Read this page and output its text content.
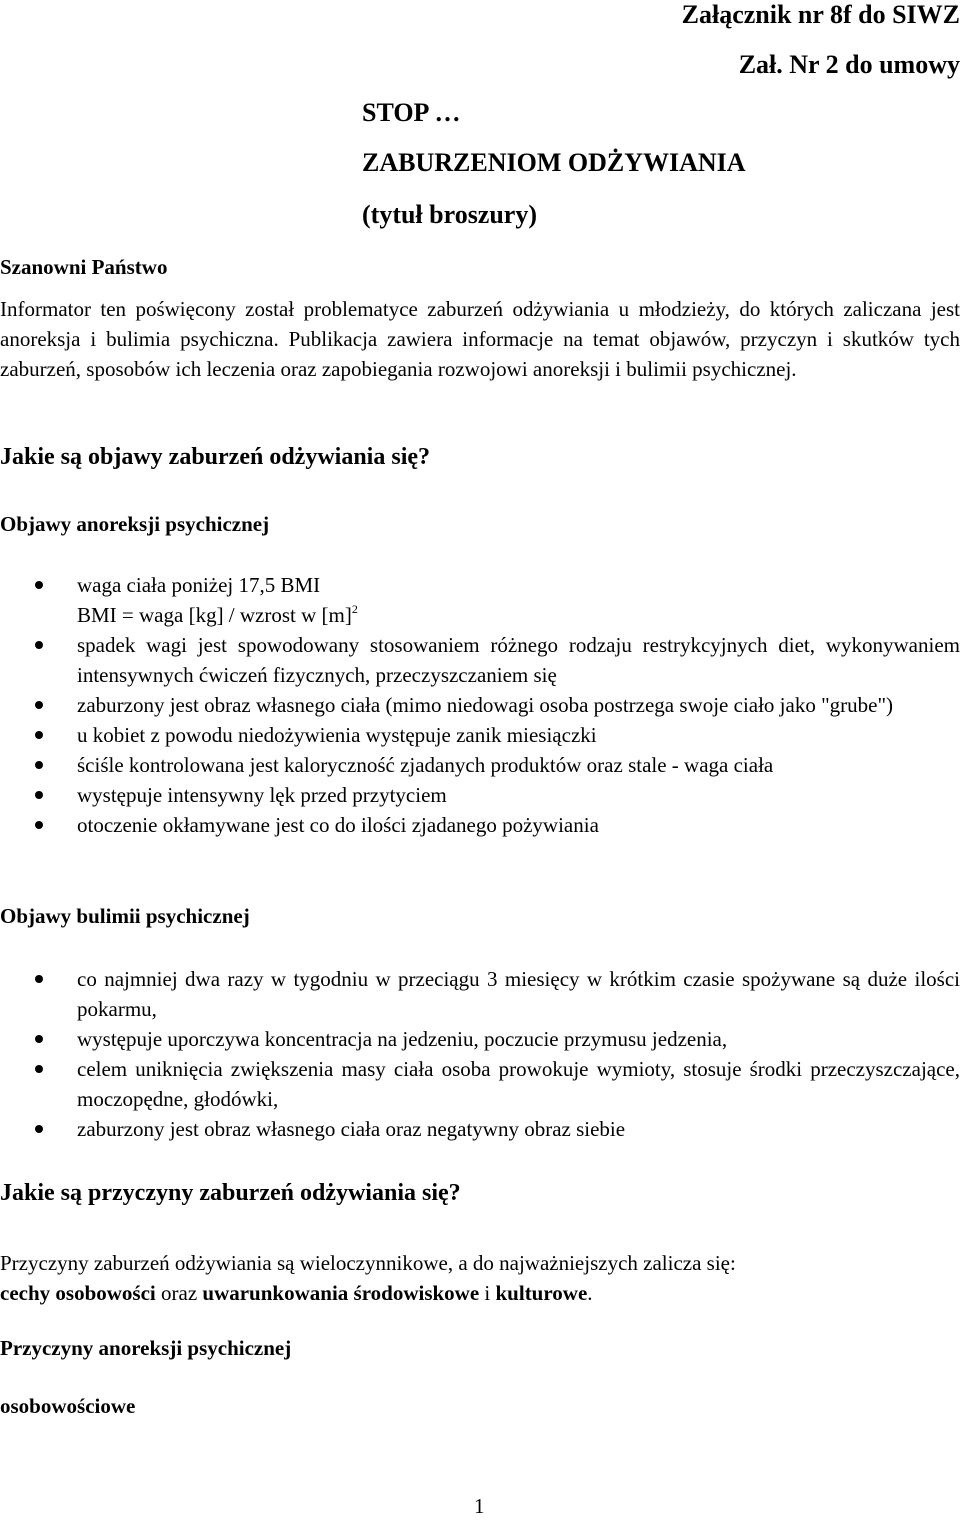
Załącznik nr 8f do SIWZ
Zał. Nr 2 do umowy
STOP …
ZABURZENIOM ODŻYWIANIA
(tytuł broszury)
Szanowni Państwo
Informator ten poświęcony został problematyce zaburzeń odżywiania u młodzieży, do których zaliczana jest anoreksja i bulimia psychiczna. Publikacja zawiera informacje na temat objawów, przyczyn i skutków tych zaburzeń, sposobów ich leczenia oraz zapobiegania rozwojowi anoreksji i bulimii psychicznej.
Jakie są objawy zaburzeń odżywiania się?
Objawy anoreksji psychicznej
waga ciała poniżej 17,5 BMI
BMI = waga [kg] / wzrost w $[m]^2$
spadek wagi jest spowodowany stosowaniem różnego rodzaju restrykcyjnych diet, wykonywaniem intensywnych ćwiczeń fizycznych, przeczyszczaniem się
zaburzony jest obraz własnego ciała (mimo niedowagi osoba postrzega swoje ciało jako "grube")
u kobiet z powodu niedożywienia występuje zanik miesiączki
ściśle kontrolowana jest kaloryczność zjadanych produktów oraz stale - waga ciała
występuje intensywny lęk przed przytyciem
otoczenie okłamywane jest co do ilości zjadanego pożywiania
Objawy bulimii psychicznej
co najmniej dwa razy w tygodniu w przeciągu 3 miesięcy w krótkim czasie spożywane są duże ilości pokarmu,
występuje uporczywa koncentracja na jedzeniu, poczucie przymusu jedzenia,
celem uniknięcia zwiększenia masy ciała osoba prowokuje wymioty, stosuje środki przeczyszczające, moczopędne, głodówki,
zaburzony jest obraz własnego ciała oraz negatywny obraz siebie
Jakie są przyczyny zaburzeń odżywiania się?
Przyczyny zaburzeń odżywiania są wieloczynnikowe, a do najważniejszych zalicza się:
cechy osobowości oraz uwarunkowania środowiskowe i kulturowe.
Przyczyny anoreksji psychicznej
osobowościowe
1
